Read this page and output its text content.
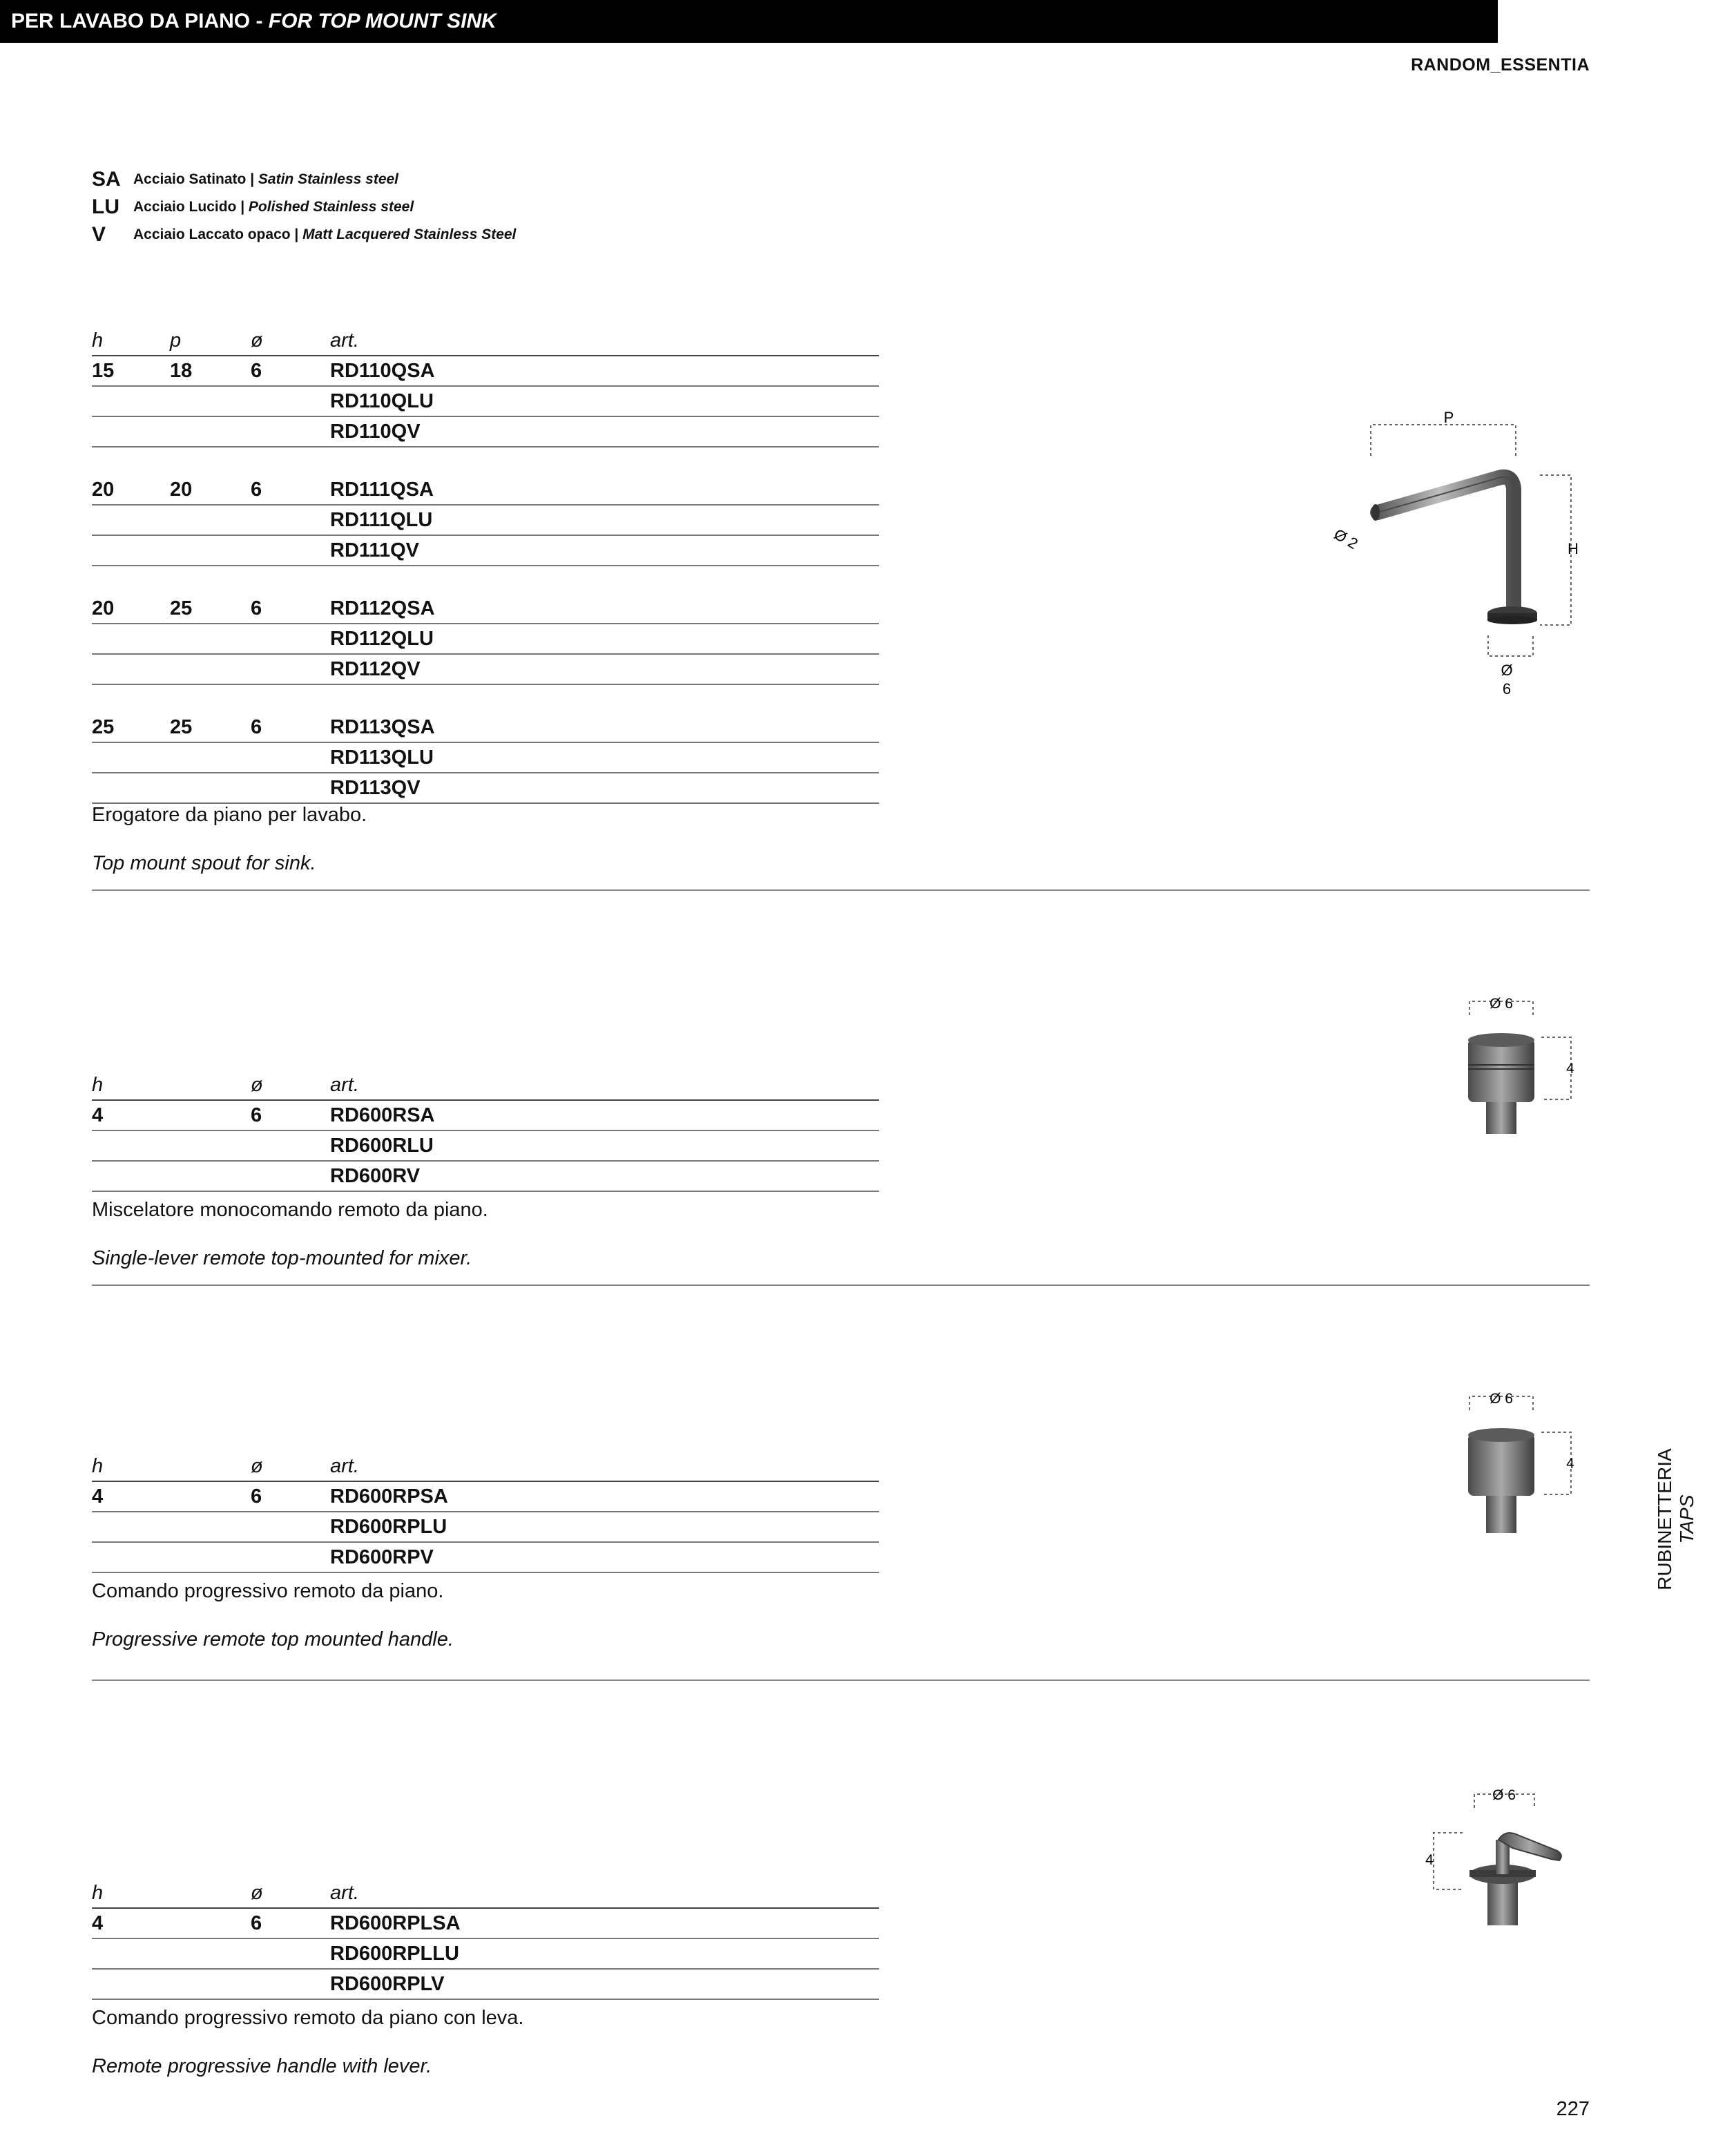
RANDOM_ESSENTIA
PER LAVABO DA PIANO - FOR TOP MOUNT SINK
SA Acciaio Satinato | Satin Stainless steel
LU Acciaio Lucido | Polished Stainless steel
V	Acciaio Laccato opaco | Matt Lacquered Stainless Steel
h	p	ø	art.
15	18	6	RD110QSA
RD110QLU
RD110QV
20	20	6	RD111QSA
RD111QLU
RD111QV
20	25	6	RD112QSA
RD112QLU
RD112QV
25	25	6	RD113QSA
RD113QLU
RD113QV
Erogatore da piano per lavabo.
Top mount spout for sink.
P
H
Ø 2
Ø
6
h	ø	art.
4	6	RD600RSA
RD600RLU
RD600RV
Miscelatore monocomando remoto da piano.
Single-lever remote top-mounted for mixer.
Ø 6
4
h	ø	art.
4	6	RD600RPSA
RD600RPLU
RD600RPV
Comando progressivo remoto da piano.
Progressive remote top mounted handle.
Ø 6
4
h	ø	art.
4	6	RD600RPLSA
RD600RPLLU
RD600RPLV
Comando progressivo remoto da piano con leva.
Remote progressive handle with lever.
Ø 6
4
RUBINETTERIA TAPS
227
